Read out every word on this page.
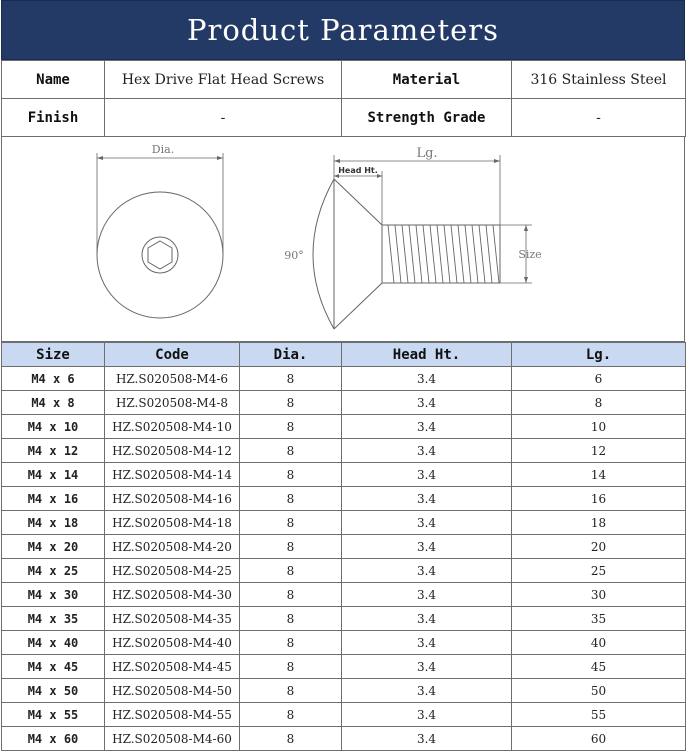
Product Parameters
Name	Hex Drive Flat Head Screws	Material	316 Stainless Steel
Finish	-	Strength Grade	-
Dia.	Lg.
Head Ht.
90°	Size
Size	Code	Dia.	Head Ht.	Lg.
M4 x 6	HZ.S020508-M4-6	8	3.4	6
M4 x 8	HZ.S020508-M4-8	8	3.4	8
M4 x 10	HZ.S020508-M4-10	8	3.4	10
M4 x 12	HZ.S020508-M4-12	8	3.4	12
M4 x 14	HZ.S020508-M4-14	8	3.4	14
M4 x 16	HZ.S020508-M4-16	8	3.4	16
M4 x 18	HZ.S020508-M4-18	8	3.4	18
M4 x 20	HZ.S020508-M4-20	8	3.4	20
M4 x 25	HZ.S020508-M4-25	8	3.4	25
M4 x 30	HZ.S020508-M4-30	8	3.4	30
M4 x 35	HZ.S020508-M4-35	8	3.4	35
M4 x 40	HZ.S020508-M4-40	8	3.4	40
M4 x 45	HZ.S020508-M4-45	8	3.4	45
M4 x 50	HZ.S020508-M4-50	8	3.4	50
M4 x 55	HZ.S020508-M4-55	8	3.4	55
M4 x 60	HZ.S020508-M4-60	8	3.4	60
